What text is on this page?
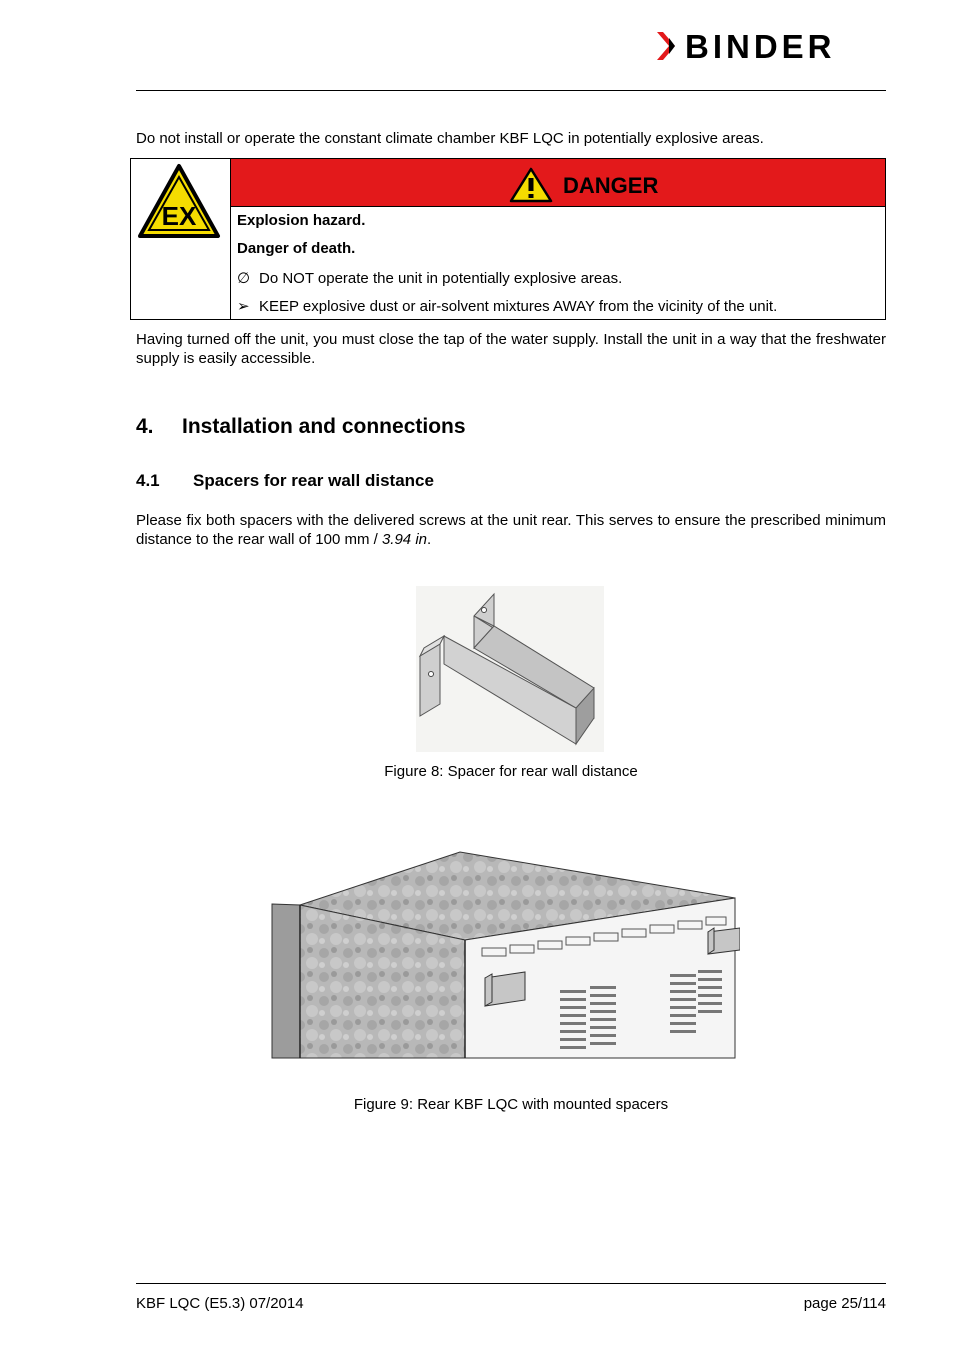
BINDER
Do not install or operate the constant climate chamber KBF LQC in potentially explosive areas.
EX
DANGER
Explosion hazard.
Danger of death.
∅ Do NOT operate the unit in potentially explosive areas.
➢ KEEP explosive dust or air-solvent mixtures AWAY from the vicinity of the unit.
Having turned off the unit, you must close the tap of the water supply. Install the unit in a way that the freshwater supply is easily accessible.
4. Installation and connections
4.1 Spacers for rear wall distance
Please fix both spacers with the delivered screws at the unit rear. This serves to ensure the prescribed minimum distance to the rear wall of 100 mm / 3.94 in.
Figure 8: Spacer for rear wall distance
Figure 9: Rear KBF LQC with mounted spacers
KBF LQC (E5.3) 07/2014	page 25/114
